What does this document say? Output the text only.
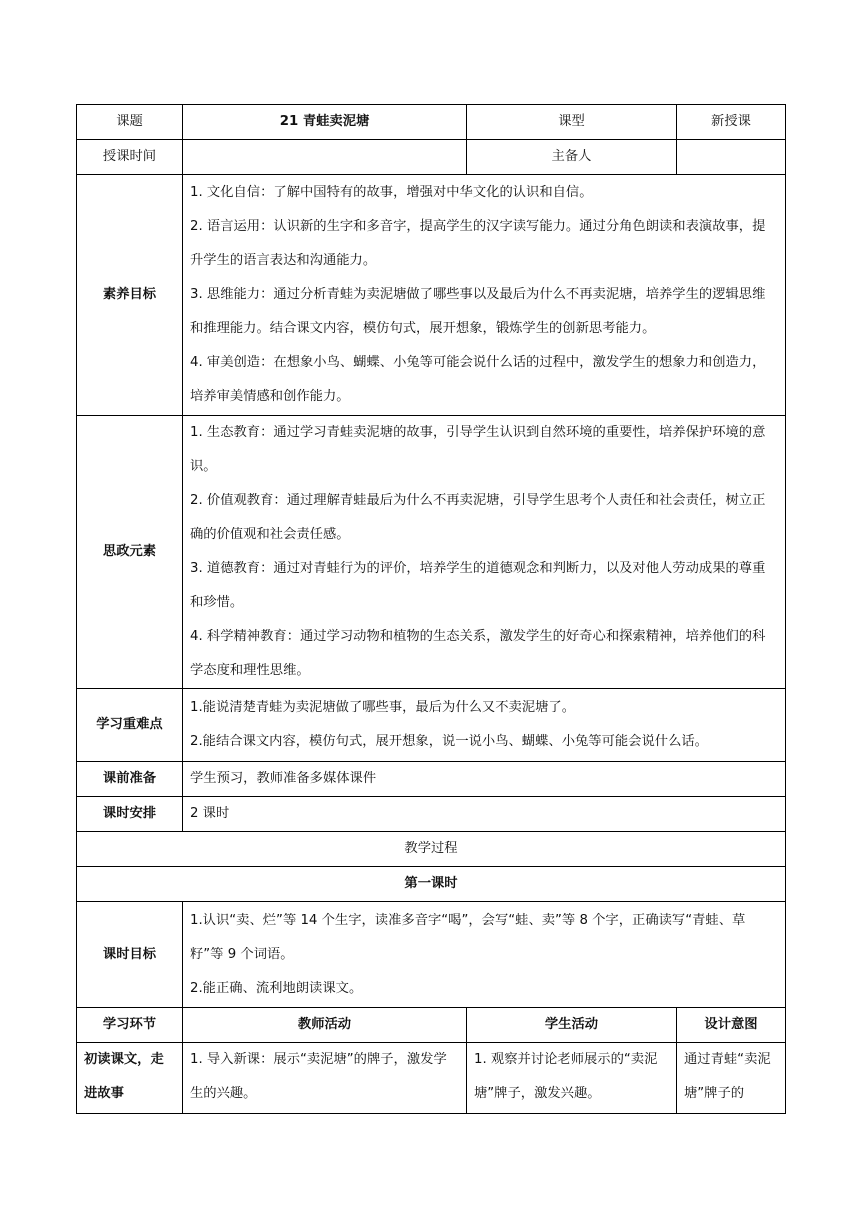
课题	21 青蛙卖泥塘	课型	新授课
授课时间		主备人	
素养目标	1. 文化自信：了解中国特有的故事，增强对中华文化的认识和自信。

2. 语言运用：认识新的生字和多音字，提高学生的汉字读写能力。通过分角色朗读和表演故事，提升学生的语言表达和沟通能力。

3. 思维能力：通过分析青蛙为卖泥塘做了哪些事以及最后为什么不再卖泥塘，培养学生的逻辑思维和推理能力。结合课文内容，模仿句式，展开想象，锻炼学生的创新思考能力。

4. 审美创造：在想象小鸟、蝴蝶、小兔等可能会说什么话的过程中，激发学生的想象力和创造力，培养审美情感和创作能力。		

思政元素	1. 生态教育：通过学习青蛙卖泥塘的故事，引导学生认识到自然环境的重要性，培养保护环境的意识。

2. 价值观教育：通过理解青蛙最后为什么不再卖泥塘，引导学生思考个人责任和社会责任，树立正确的价值观和社会责任感。

3. 道德教育：通过对青蛙行为的评价，培养学生的道德观念和判断力，以及对他人劳动成果的尊重和珍惜。

4. 科学精神教育：通过学习动物和植物的生态关系，激发学生的好奇心和探索精神，培养他们的科学态度和理性思维。		

学习重难点	1.能说清楚青蛙为卖泥塘做了哪些事，最后为什么又不卖泥塘了。

2.能结合课文内容，模仿句式，展开想象，说一说小鸟、蝴蝶、小兔等可能会说什么话。		

课前准备	学生预习，教师准备多媒体课件		
课时安排	2 课时		
教学过程			
第一课时			
课时目标	1.认识“卖、烂”等 14 个生字，读准多音字“喝”，会写“蛙、卖”等 8 个字，正确读写“青蛙、草籽”等 9 个词语。

2.能正确、流利地朗读课文。		

学习环节	教师活动	学生活动	设计意图

初读课文，走进故事	1. 导入新课：展示“卖泥塘”的牌子，激发学生的兴趣。	1. 观察并讨论老师展示的“卖泥塘”牌子，激发兴趣。	通过青蛙“卖泥塘”牌子的
